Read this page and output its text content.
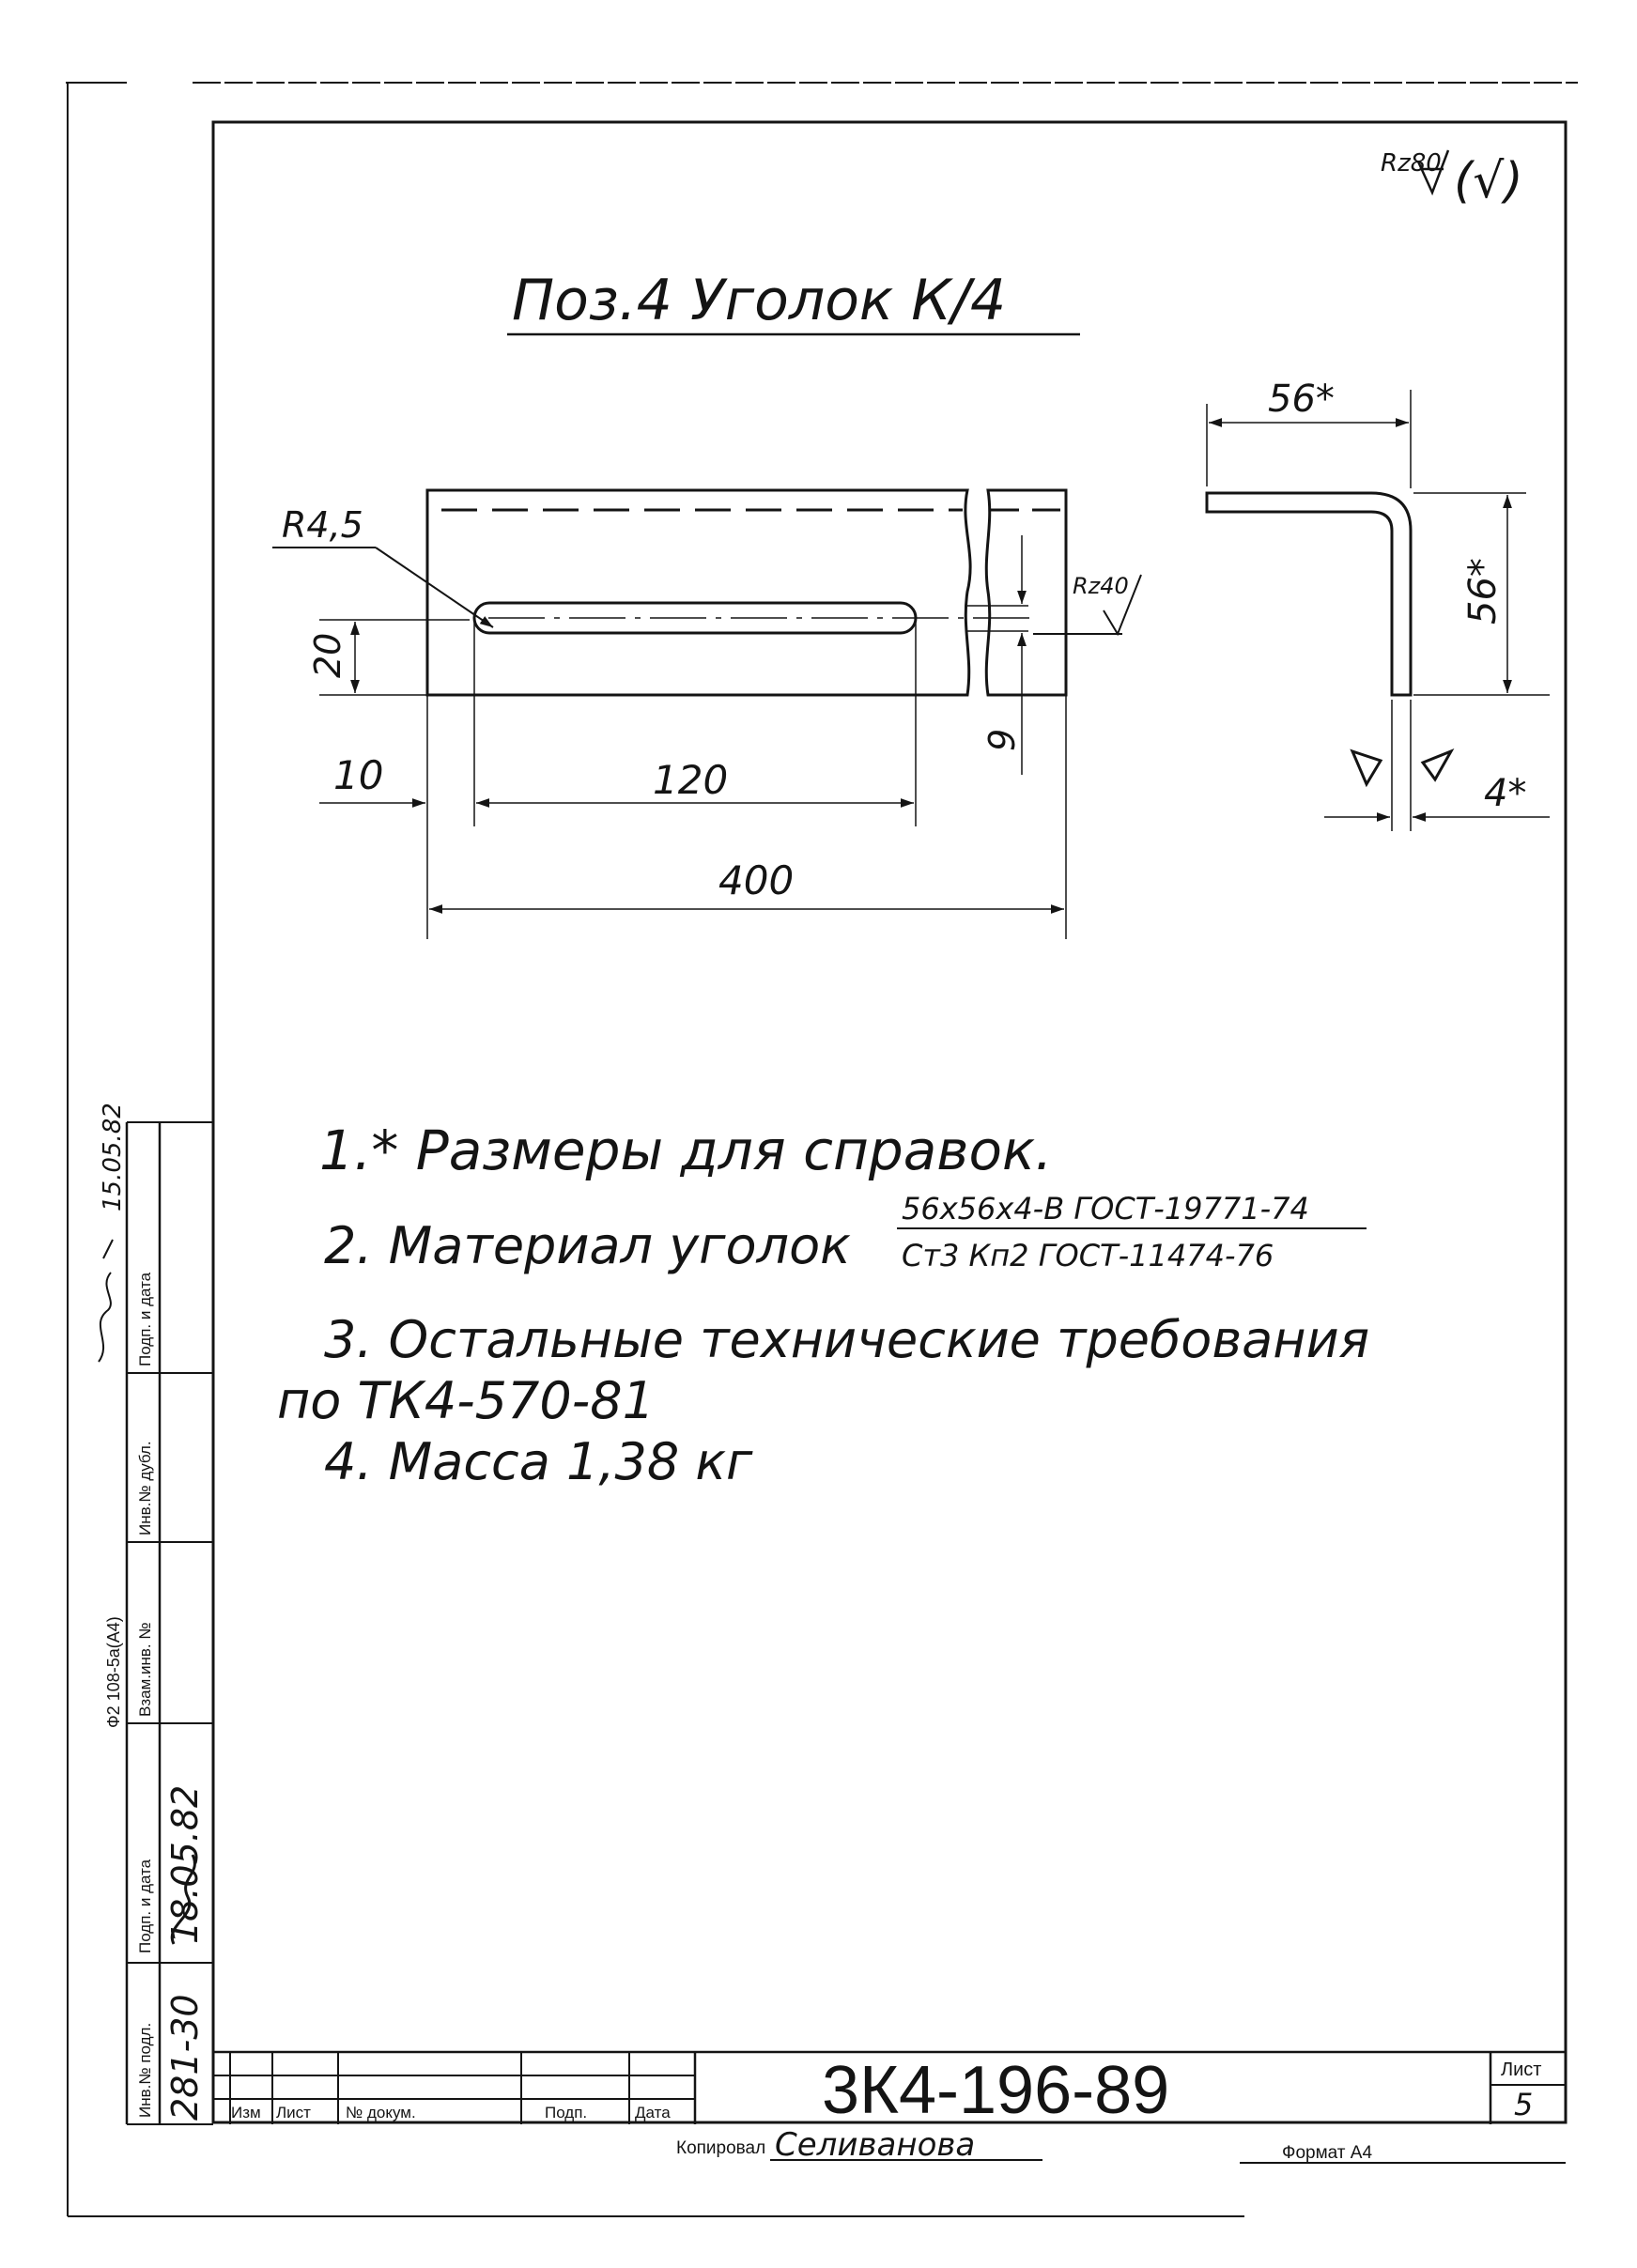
Rz80 (√)
Поз.4 Уголок К/4
R4,5
20
10	120
400
9
Rz40
56*
56*
4*
1.* Размеры для справок.
2. Материал уголок
56x56x4-В ГОСТ-19771-74
Ст3 Кп2 ГОСТ-11474-76
3. Остальные технические требования
по ТК4-570-81
4. Масса 1,38 кг
Ф2 108-5а(А4)
Инв.№ подл.
Подп. и дата
Взам.инв. №
Инв.№ дубл.
Подп. и дата
281-30
18.05.82
15.05.82
Изм Лист № докум.	Подп.	Дата 3К4-196-89	Лист
5
Копировал Селиванова	Формат А4
